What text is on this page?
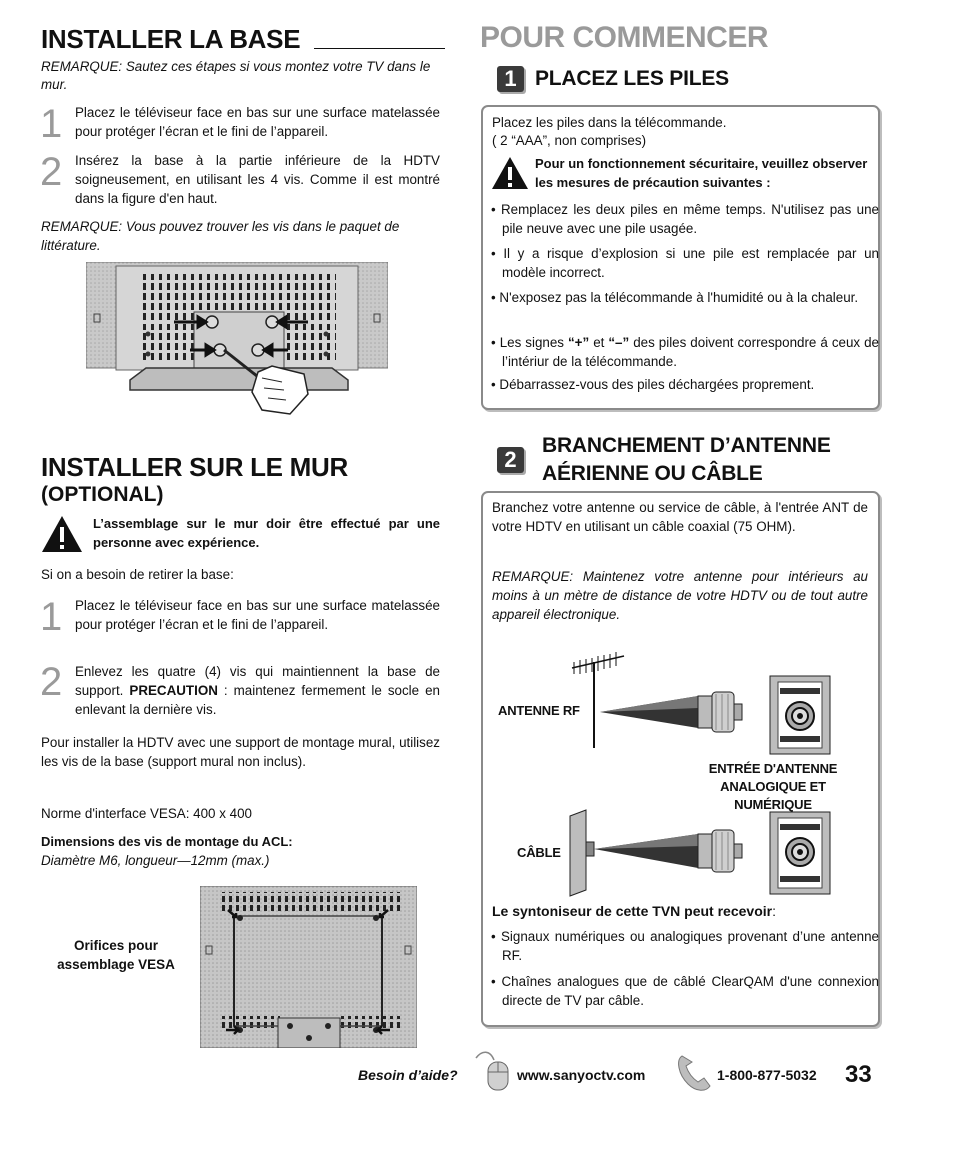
INSTALLER LA BASE
REMARQUE: Sautez ces étapes si vous montez votre TV dans le mur.
1 Placez le téléviseur face en bas sur une surface matelassée pour protéger l’écran et le fini de l’appareil.
2 Insérez la base à la partie inférieure de la HDTV soigneusement, en utilisant les 4 vis. Comme il est montré dans la figure d'en haut.
REMARQUE: Vous pouvez trouver les vis dans le paquet de littérature.
INSTALLER SUR LE MUR
(OPTIONAL)
L’assemblage sur le mur doir être effectué par une personne avec expérience.
Si on a besoin de retirer la base:
1 Placez le téléviseur face en bas sur une surface matelassée pour protéger l’écran et le fini de l’appareil.
2 Enlevez les quatre (4) vis qui maintiennent la base de support. PRECAUTION : maintenez fermement le socle en enlevant la dernière vis.
Pour installer la HDTV avec une support de montage mural, utilisez les vis de la base (support mural non inclus).
Norme d'interface VESA: 400 x 400
Dimensions des vis de montage du ACL:
Diamètre M6, longueur—12mm (max.)
Orifices pour assemblage VESA
POUR COMMENCER
1 PLACEZ LES PILES
Placez les piles dans la télécommande.
( 2 “AAA”, non comprises)
Pour un fonctionnement sécuritaire, veuillez observer les mesures de précaution suivantes :
• Remplacez les deux piles en même temps. N'utilisez pas une pile neuve avec une pile usagée.
• Il y a risque d’explosion si une pile est remplacée par un modèle incorrect.
• N'exposez pas la télécommande à l'humidité ou à la chaleur.
• Les signes “+” et “–” des piles doivent correspondre á ceux de l’intériur de la télécommande.
• Débarrassez-vous des piles déchargées proprement.
2
BRANCHEMENT D’ANTENNE
AÉRIENNE OU CÂBLE
Branchez votre antenne ou service de câble, à l'entrée ANT de votre HDTV en utilisant un câble coaxial (75 OHM).
REMARQUE: Maintenez votre antenne pour intérieurs au moins à un mètre de distance de votre HDTV ou de tout autre appareil électronique.
ANTENNE RF
ENTRÉE D'ANTENNE
ANALOGIQUE ET NUMÉRIQUE
CÂBLE
Le syntoniseur de cette TVN peut recevoir:
• Signaux numériques ou analogiques provenant d’une antenne RF.
• Chaînes analogues que de câblé ClearQAM d'une connexion directe de TV par câble.
Besoin d’aide?	www.sanyoctv.com	1-800-877-5032 33
